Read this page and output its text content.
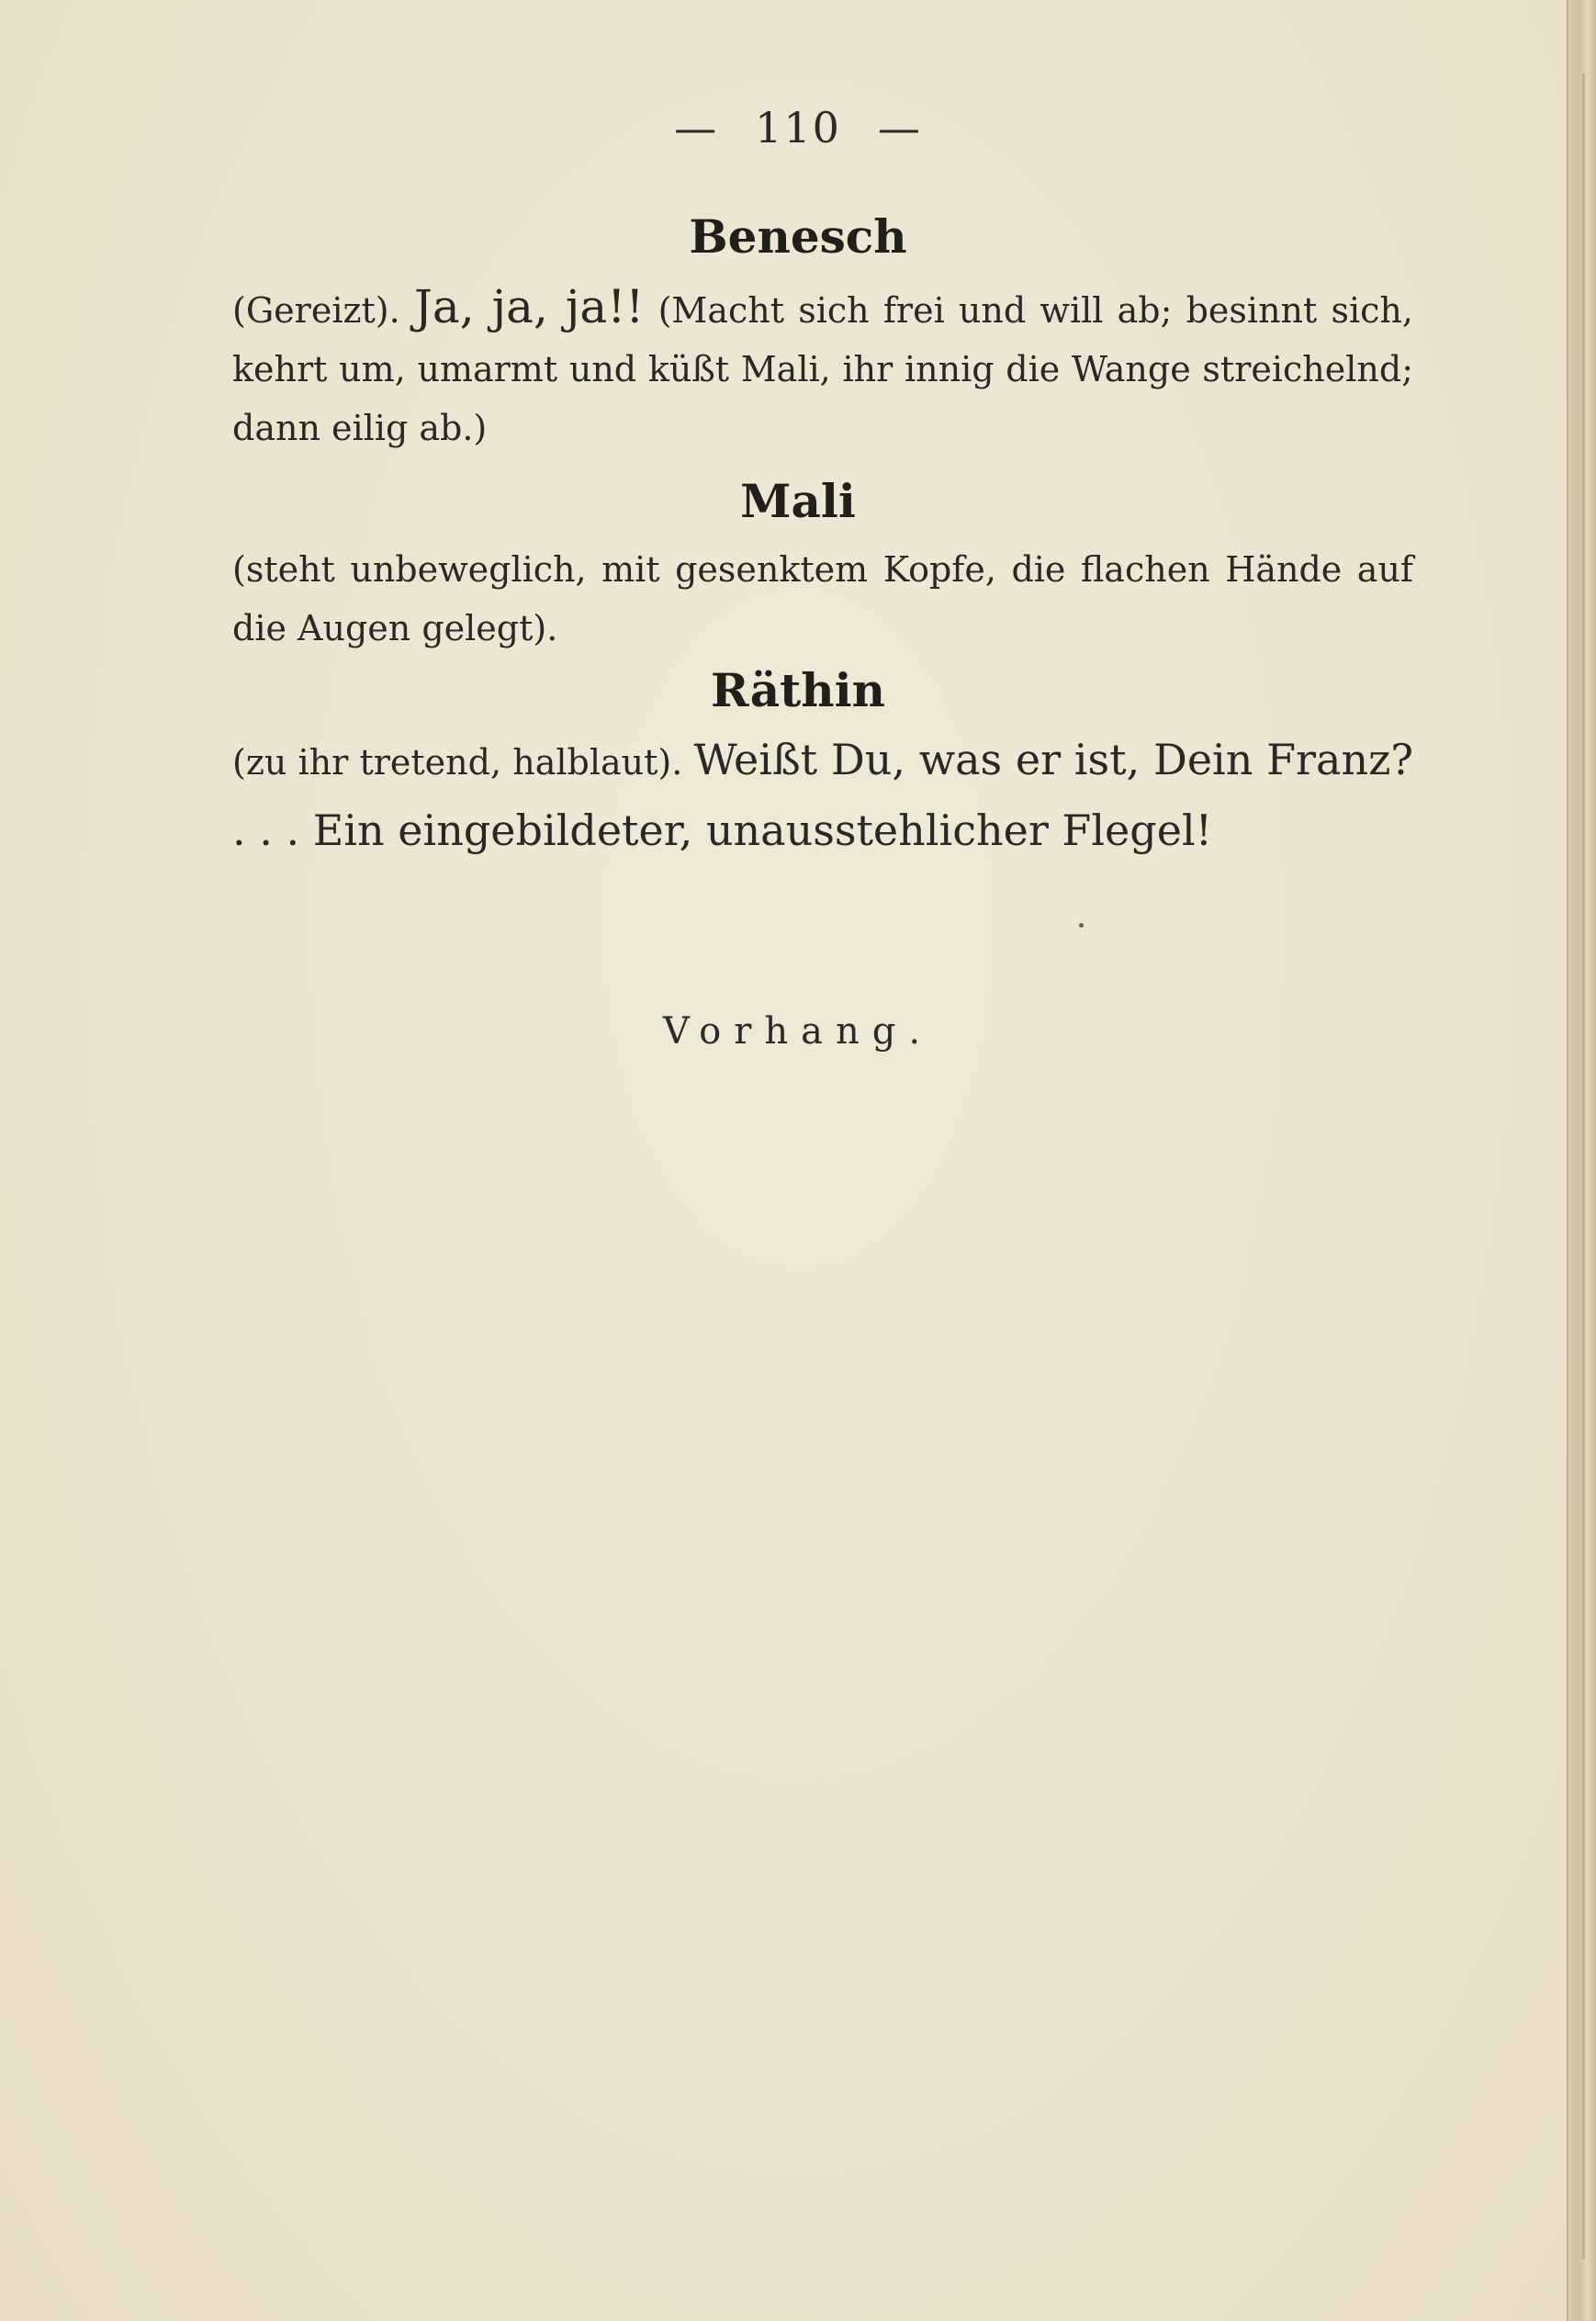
— 110 —
Benesch
(Gereizt). Ja, ja, ja!! (Macht sich frei und will ab; besinnt sich, kehrt um, umarmt und küßt Mali, ihr innig die Wange streichelnd; dann eilig ab.)
Mali
(steht unbeweglich, mit gesenktem Kopfe, die flachen Hände auf die Augen gelegt).
Räthin
(zu ihr tretend, halblaut). Weißt Du, was er ist, Dein Franz? . . . Ein eingebildeter, unausstehlicher Flegel!
Vorhang.
